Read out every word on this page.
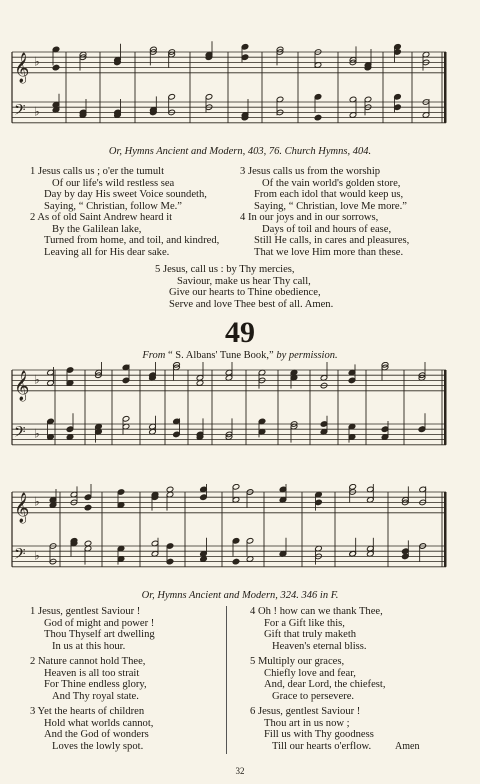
𝄞 ♭
𝄢 ♭
Or, Hymns Ancient and Modern, 403, 76. Church Hymns, 404.
1 Jesus calls us ; o'er the tumult
Of our life's wild restless sea
Day by day His sweet Voice soundeth,
Saying, “ Christian, follow Me.”
2 As of old Saint Andrew heard it
By the Galilean lake,
Turned from home, and toil, and kindred,
Leaving all for His dear sake.
3 Jesus calls us from the worship
Of the vain world's golden store,
From each idol that would keep us,
Saying, “ Christian, love Me more.”
4 In our joys and in our sorrows,
Days of toil and hours of ease,
Still He calls, in cares and pleasures,
That we love Him more than these.
5 Jesus, call us : by Thy mercies,
Saviour, make us hear Thy call,
Give our hearts to Thine obedience,
Serve and love Thee best of all. Amen.
49
From “ S. Albans' Tune Book,” by permission.
𝄞 ♭
𝄢 ♭
𝄞 ♭
𝄢 ♭
Or, Hymns Ancient and Modern, 324. 346 in F.
1 Jesus, gentlest Saviour !
God of might and power !
Thou Thyself art dwelling
In us at this hour.
2 Nature cannot hold Thee,
Heaven is all too strait
For Thine endless glory,
And Thy royal state.
3 Yet the hearts of children
Hold what worlds cannot,
And the God of wonders
Loves the lowly spot.
4 Oh ! how can we thank Thee,
For a Gift like this,
Gift that truly maketh
Heaven's eternal bliss.
5 Multiply our graces,
Chiefly love and fear,
And, dear Lord, the chiefest,
Grace to persevere.
6 Jesus, gentlest Saviour !
Thou art in us now ;
Fill us with Thy goodness
Till our hearts o'erflow. Amen
32
